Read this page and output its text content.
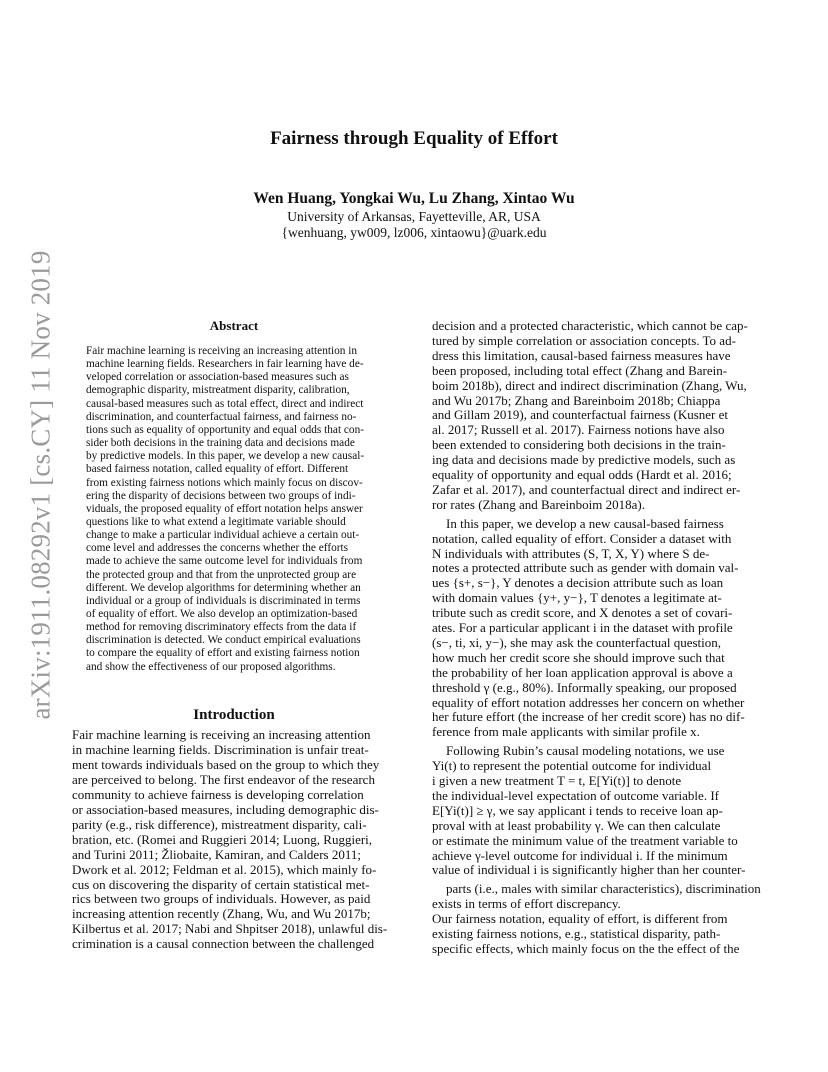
arXiv:1911.08292v1 [cs.CY] 11 Nov 2019
Fairness through Equality of Effort
Wen Huang, Yongkai Wu, Lu Zhang, Xintao Wu
University of Arkansas, Fayetteville, AR, USA
{wenhuang, yw009, lz006, xintaowu}@uark.edu
Abstract
Fair machine learning is receiving an increasing attention in
machine learning fields. Researchers in fair learning have de-
veloped correlation or association-based measures such as
demographic disparity, mistreatment disparity, calibration,
causal-based measures such as total effect, direct and indirect
discrimination, and counterfactual fairness, and fairness no-
tions such as equality of opportunity and equal odds that con-
sider both decisions in the training data and decisions made
by predictive models. In this paper, we develop a new causal-
based fairness notation, called equality of effort. Different
from existing fairness notions which mainly focus on discov-
ering the disparity of decisions between two groups of indi-
viduals, the proposed equality of effort notation helps answer
questions like to what extend a legitimate variable should
change to make a particular individual achieve a certain out-
come level and addresses the concerns whether the efforts
made to achieve the same outcome level for individuals from
the protected group and that from the unprotected group are
different. We develop algorithms for determining whether an
individual or a group of individuals is discriminated in terms
of equality of effort. We also develop an optimization-based
method for removing discriminatory effects from the data if
discrimination is detected. We conduct empirical evaluations
to compare the equality of effort and existing fairness notion
and show the effectiveness of our proposed algorithms.
Introduction
Fair machine learning is receiving an increasing attention
in machine learning fields. Discrimination is unfair treat-
ment towards individuals based on the group to which they
are perceived to belong. The first endeavor of the research
community to achieve fairness is developing correlation
or association-based measures, including demographic dis-
parity (e.g., risk difference), mistreatment disparity, cali-
bration, etc. (Romei and Ruggieri 2014; Luong, Ruggieri,
and Turini 2011; Žliobaite, Kamiran, and Calders 2011;
Dwork et al. 2012; Feldman et al. 2015), which mainly fo-
cus on discovering the disparity of certain statistical met-
rics between two groups of individuals. However, as paid
increasing attention recently (Zhang, Wu, and Wu 2017b;
Kilbertus et al. 2017; Nabi and Shpitser 2018), unlawful dis-
crimination is a causal connection between the challenged
decision and a protected characteristic, which cannot be cap-
tured by simple correlation or association concepts. To ad-
dress this limitation, causal-based fairness measures have
been proposed, including total effect (Zhang and Barein-
boim 2018b), direct and indirect discrimination (Zhang, Wu,
and Wu 2017b; Zhang and Bareinboim 2018b; Chiappa
and Gillam 2019), and counterfactual fairness (Kusner et
al. 2017; Russell et al. 2017). Fairness notions have also
been extended to considering both decisions in the train-
ing data and decisions made by predictive models, such as
equality of opportunity and equal odds (Hardt et al. 2016;
Zafar et al. 2017), and counterfactual direct and indirect er-
ror rates (Zhang and Bareinboim 2018a).
In this paper, we develop a new causal-based fairness
notation, called equality of effort. Consider a dataset with
N individuals with attributes (S, T, X, Y) where S de-
notes a protected attribute such as gender with domain val-
ues {s+, s−}, Y denotes a decision attribute such as loan
with domain values {y+, y−}, T denotes a legitimate at-
tribute such as credit score, and X denotes a set of covari-
ates. For a particular applicant i in the dataset with profile
(s−, ti, xi, y−), she may ask the counterfactual question,
how much her credit score she should improve such that
the probability of her loan application approval is above a
threshold γ (e.g., 80%). Informally speaking, our proposed
equality of effort notation addresses her concern on whether
her future effort (the increase of her credit score) has no dif-
ference from male applicants with similar profile x.
Following Rubin’s causal modeling notations, we use
Yi(t) to represent the potential outcome for individual
i given a new treatment T = t, E[Yi(t)] to denote
the individual-level expectation of outcome variable. If
E[Yi(t)] ≥ γ, we say applicant i tends to receive loan ap-
proval with at least probability γ. We can then calculate
or estimate the minimum value of the treatment variable to
achieve γ-level outcome for individual i. If the minimum
value of individual i is significantly higher than her counter-
parts (i.e., males with similar characteristics), discrimination
exists in terms of effort discrepancy.
Our fairness notation, equality of effort, is different from
existing fairness notions, e.g., statistical disparity, path-
specific effects, which mainly focus on the the effect of the
